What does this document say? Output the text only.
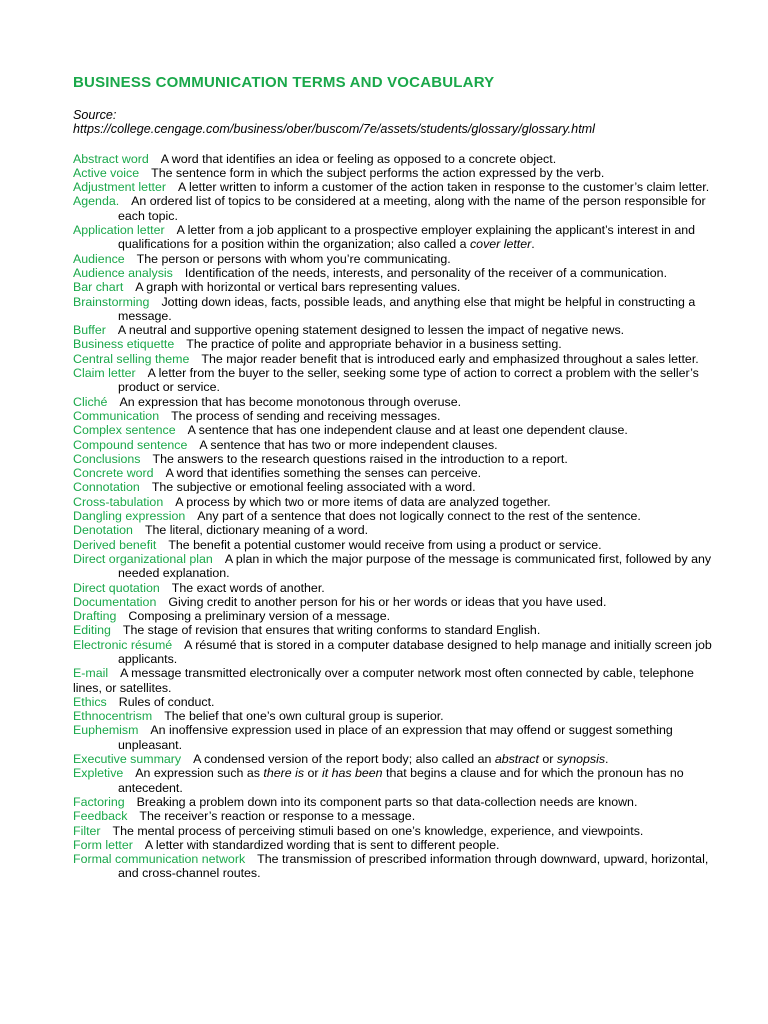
BUSINESS COMMUNICATION TERMS AND VOCABULARY
Source:  https://college.cengage.com/business/ober/buscom/7e/assets/students/glossary/glossary.html

Abstract word A word that identifies an idea or feeling as opposed to a concrete object.

Active voice The sentence form in which the subject performs the action expressed by the verb.

Adjustment letter A letter written to inform a customer of the action taken in response to the customer’s claim letter.

Agenda. An ordered list of topics to be considered at a meeting, along with the name of the person responsible for each topic.

Application letter A letter from a job applicant to a prospective employer explaining the applicant’s interest in and qualifications for a position within the organization; also called a cover letter.

Audience The person or persons with whom you’re communicating.

Audience analysis Identification of the needs, interests, and personality of the receiver of a communication.

Bar chart A graph with horizontal or vertical bars representing values.

Brainstorming Jotting down ideas, facts, possible leads, and anything else that might be helpful in constructing a message.

Buffer A neutral and supportive opening statement designed to lessen the impact of negative news.

Business etiquette The practice of polite and appropriate behavior in a business setting.

Central selling theme The major reader benefit that is introduced early and emphasized throughout a sales letter.

Claim letter A letter from the buyer to the seller, seeking some type of action to correct a problem with the seller’s product or service.

Cliché An expression that has become monotonous through overuse.

Communication The process of sending and receiving messages.

Complex sentence A sentence that has one independent clause and at least one dependent clause.

Compound sentence A sentence that has two or more independent clauses.

Conclusions The answers to the research questions raised in the introduction to a report.

Concrete word A word that identifies something the senses can perceive.

Connotation The subjective or emotional feeling associated with a word.

Cross-tabulation A process by which two or more items of data are analyzed together.

Dangling expression Any part of a sentence that does not logically connect to the rest of the sentence.

Denotation The literal, dictionary meaning of a word.

Derived benefit The benefit a potential customer would receive from using a product or service.

Direct organizational plan A plan in which the major purpose of the message is communicated first, followed by any needed explanation.

Direct quotation The exact words of another.

Documentation Giving credit to another person for his or her words or ideas that you have used.

Drafting Composing a preliminary version of a message.

Editing The stage of revision that ensures that writing conforms to standard English.

Electronic résumé A résumé that is stored in a computer database designed to help manage and initially screen job applicants.

E-mail A message transmitted electronically over a computer network most often connected by cable, telephone lines, or satellites.

Ethics Rules of conduct.

Ethnocentrism The belief that one’s own cultural group is superior.

Euphemism An inoffensive expression used in place of an expression that may offend or suggest something unpleasant.

Executive summary A condensed version of the report body; also called an abstract or synopsis.

Expletive An expression such as there is or it has been that begins a clause and for which the pronoun has no antecedent.

Factoring Breaking a problem down into its component parts so that data-collection needs are known.

Feedback The receiver’s reaction or response to a message.

Filter The mental process of perceiving stimuli based on one’s knowledge, experience, and viewpoints.

Form letter A letter with standardized wording that is sent to different people.

Formal communication network The transmission of prescribed information through downward, upward, horizontal, and cross-channel routes.
